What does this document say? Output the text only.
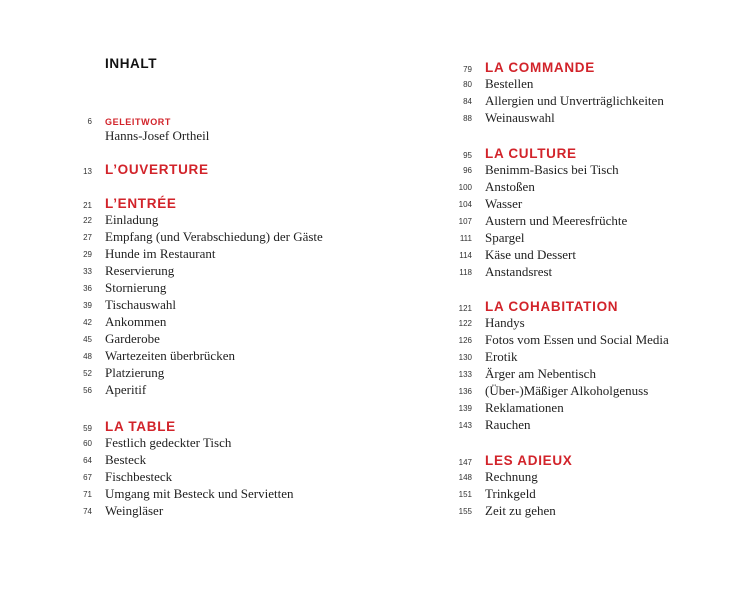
INHALT
6 GELEITWORT
Hanns-Josef Ortheil
13 L’OUVERTURE
21 L’ENTRÉE
22 Einladung
27 Empfang (und Verabschiedung) der Gäste
29 Hunde im Restaurant
33 Reservierung
36 Stornierung
39 Tischauswahl
42 Ankommen
45 Garderobe
48 Wartezeiten überbrücken
52 Platzierung
56 Aperitif
59 LA TABLE
60 Festlich gedeckter Tisch
64 Besteck
67 Fischbesteck
71 Umgang mit Besteck und Servietten
74 Weingläser
79 LA COMMANDE
80 Bestellen
84 Allergien und Unverträglichkeiten
88 Weinauswahl
95 LA CULTURE
96 Benimm-Basics bei Tisch
100 Anstoßen
104 Wasser
107 Austern und Meeresfrüchte
111 Spargel
114 Käse und Dessert
118 Anstandsrest
121 LA COHABITATION
122 Handys
126 Fotos vom Essen und Social Media
130 Erotik
133 Ärger am Nebentisch
136 (Über-)Mäßiger Alkoholgenuss
139 Reklamationen
143 Rauchen
147 LES ADIEUX
148 Rechnung
151 Trinkgeld
155 Zeit zu gehen
